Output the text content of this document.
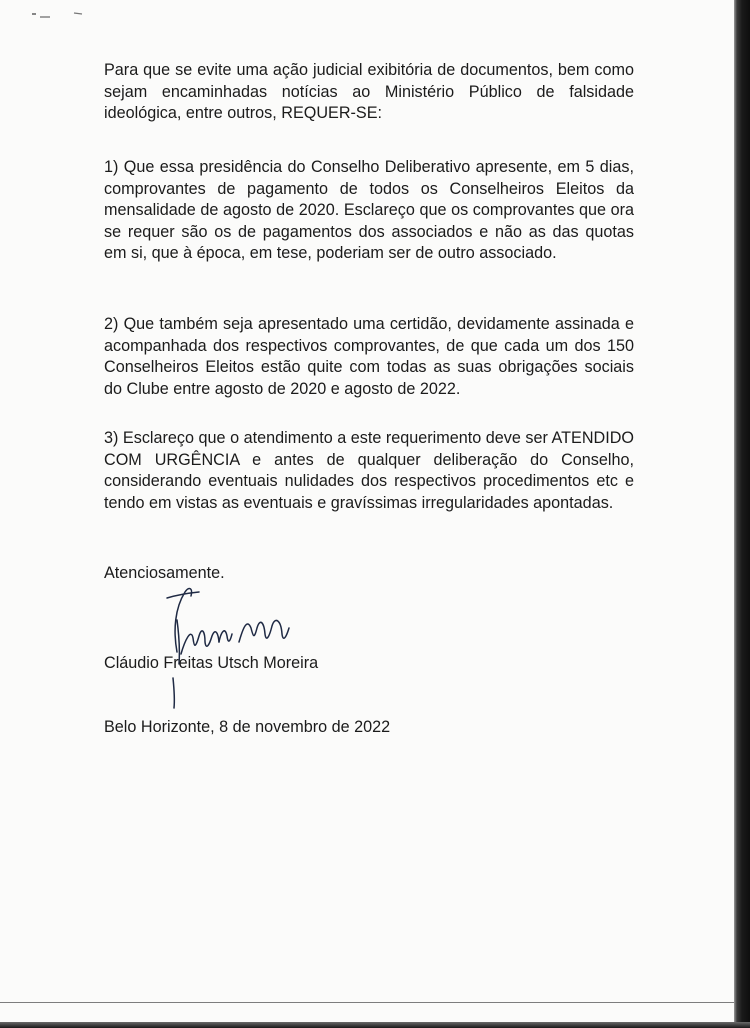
Para que se evite uma ação judicial exibitória de documentos, bem como sejam encaminhadas notícias ao Ministério Público de falsidade ideológica, entre outros, REQUER-SE:

1) Que essa presidência do Conselho Deliberativo apresente, em 5 dias, comprovantes de pagamento de todos os Conselheiros Eleitos da mensalidade de agosto de 2020. Esclareço que os comprovantes que ora se requer são os de pagamentos dos associados e não as das quotas em si, que à época, em tese, poderiam ser de outro associado.

2) Que também seja apresentado uma certidão, devidamente assinada e acompanhada dos respectivos comprovantes, de que cada um dos 150 Conselheiros Eleitos estão quite com todas as suas obrigações sociais do Clube entre agosto de 2020 e agosto de 2022.

3) Esclareço que o atendimento a este requerimento deve ser ATENDIDO COM URGÊNCIA e antes de qualquer deliberação do Conselho, considerando eventuais nulidades dos respectivos procedimentos etc e tendo em vistas as eventuais e gravíssimas irregularidades apontadas.

Atenciosamente.

Cláudio Freitas Utsch Moreira

Belo Horizonte, 8 de novembro de 2022
